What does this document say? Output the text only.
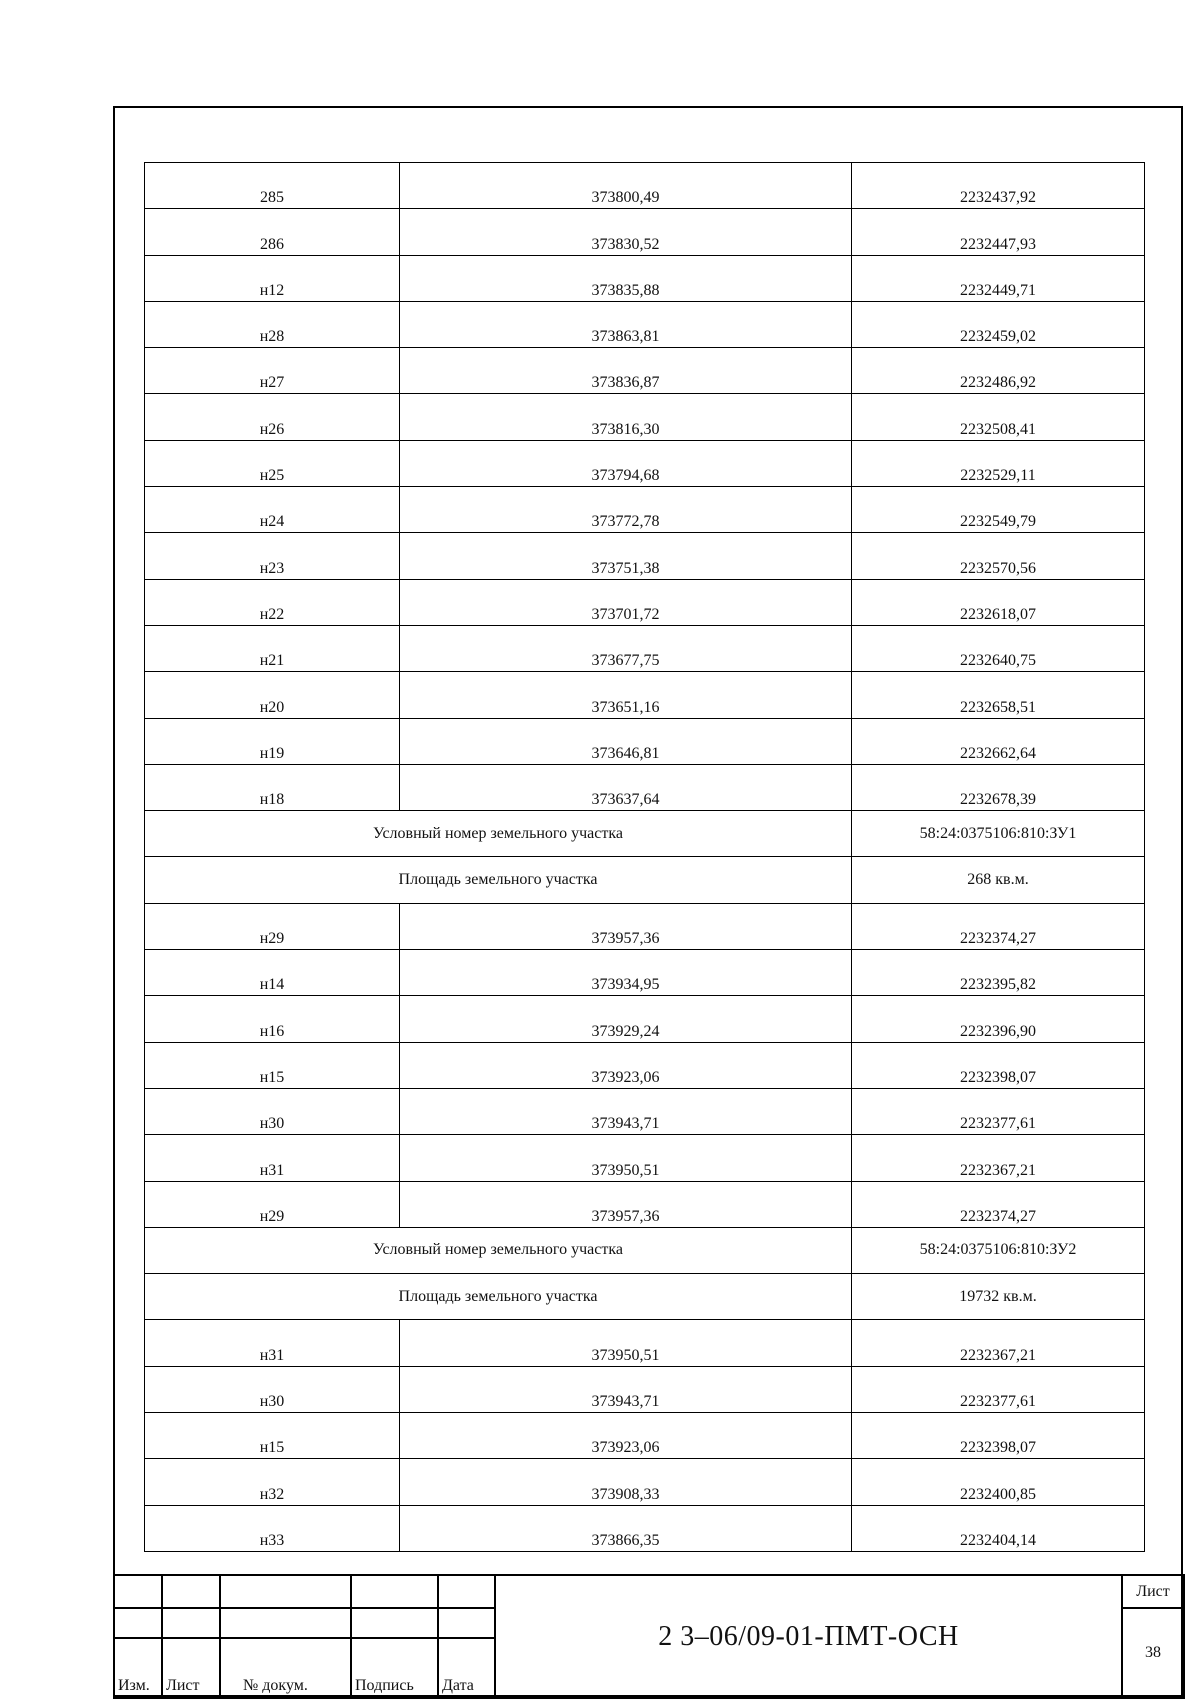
285	373800,49	2232437,92
286	373830,52	2232447,93
н12	373835,88	2232449,71
н28	373863,81	2232459,02
н27	373836,87	2232486,92
н26	373816,30	2232508,41
н25	373794,68	2232529,11
н24	373772,78	2232549,79
н23	373751,38	2232570,56
н22	373701,72	2232618,07
н21	373677,75	2232640,75
н20	373651,16	2232658,51
н19	373646,81	2232662,64
н18	373637,64	2232678,39
Условный номер земельного участка		58:24:0375106:810:ЗУ1
Площадь земельного участка		268 кв.м.
н29	373957,36	2232374,27
н14	373934,95	2232395,82
н16	373929,24	2232396,90
н15	373923,06	2232398,07
н30	373943,71	2232377,61
н31	373950,51	2232367,21
н29	373957,36	2232374,27
Условный номер земельного участка		58:24:0375106:810:ЗУ2
Площадь земельного участка		19732 кв.м.
н31	373950,51	2232367,21
н30	373943,71	2232377,61
н15	373923,06	2232398,07
н32	373908,33	2232400,85
н33	373866,35	2232404,14
					2 3–06/09-01-ПМТ-ОСН	Лист
						38
Изм.	Лист	№ докум.	Подпись	Дата		
